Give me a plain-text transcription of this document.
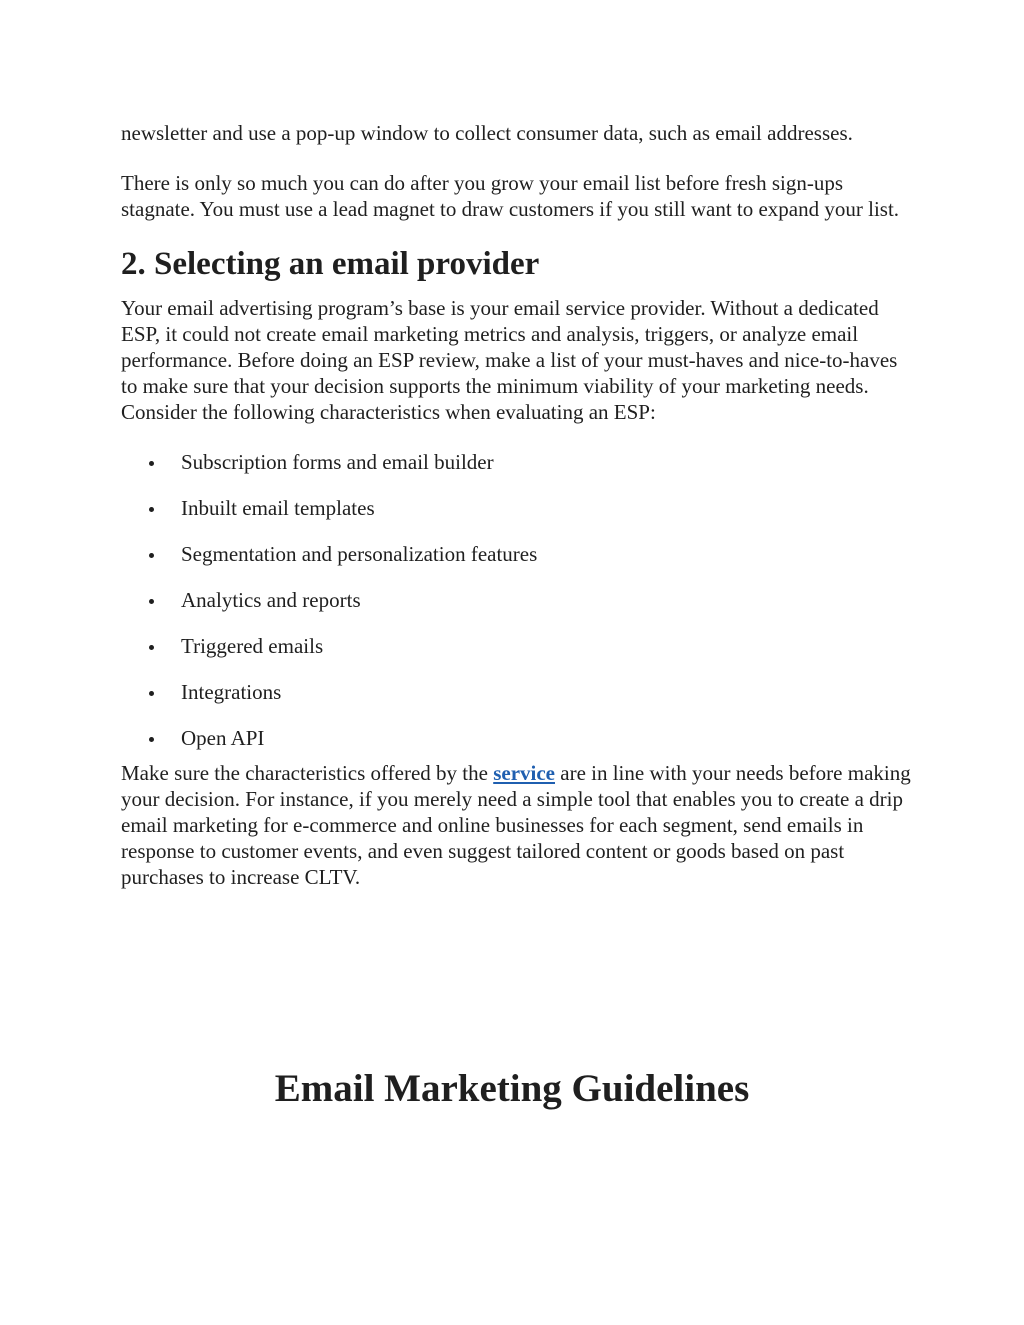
newsletter and use a pop-up window to collect consumer data, such as email addresses.

There is only so much you can do after you grow your email list before fresh sign-ups stagnate. You must use a lead magnet to draw customers if you still want to expand your list.

2. Selecting an email provider

Your email advertising program’s base is your email service provider. Without a dedicated ESP, it could not create email marketing metrics and analysis, triggers, or analyze email performance. Before doing an ESP review, make a list of your must-haves and nice-to-haves to make sure that your decision supports the minimum viability of your marketing needs. Consider the following characteristics when evaluating an ESP:

Subscription forms and email builder
Inbuilt email templates
Segmentation and personalization features
Analytics and reports
Triggered emails
Integrations
Open API

Make sure the characteristics offered by the service are in line with your needs before making your decision. For instance, if you merely need a simple tool that enables you to create a drip email marketing for e-commerce and online businesses for each segment, send emails in response to customer events, and even suggest tailored content or goods based on past purchases to increase CLTV.

Email Marketing Guidelines
